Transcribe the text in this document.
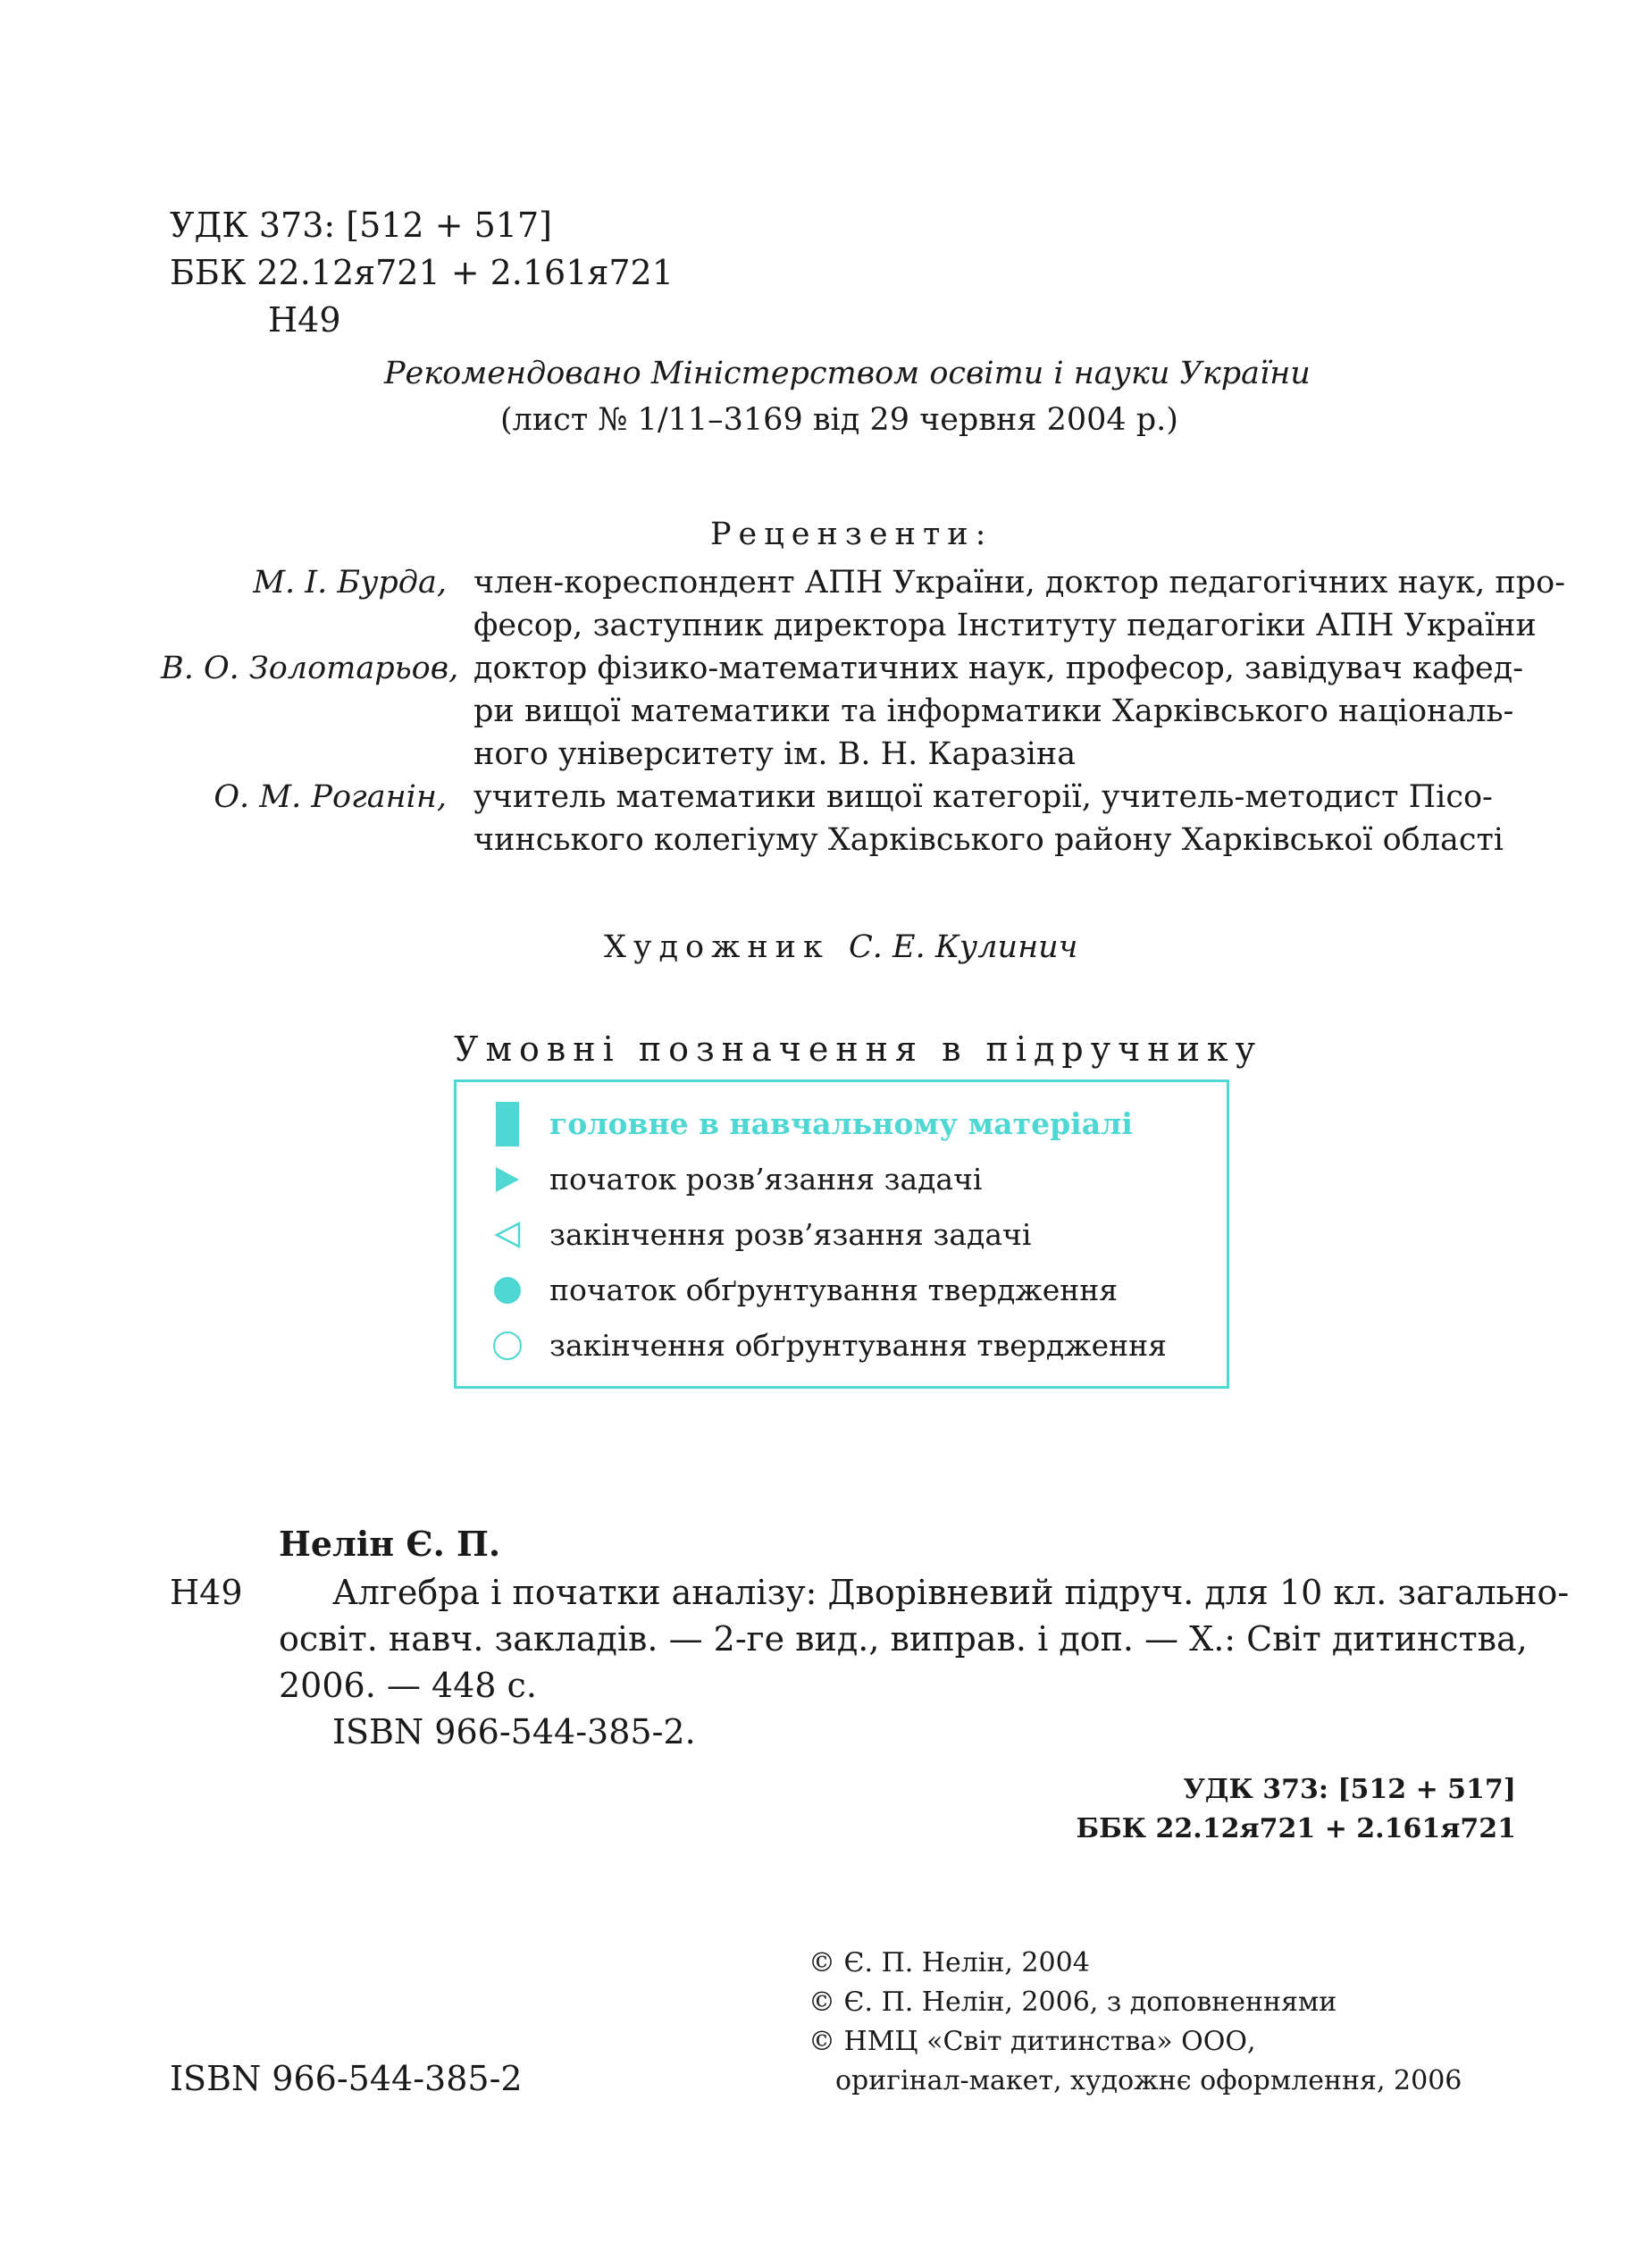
УДК 373: [512 + 517]
ББК 22.12я721 + 2.161я721
Н49
Рекомендовано Міністерством освіти і науки України
(лист № 1/11–3169 від 29 червня 2004 р.)
Рецензенти:
М. І. Бурда, член-кореспондент АПН України, доктор педагогічних наук, про-
фесор, заступник директора Інституту педагогіки АПН України
В. О. Золотарьов, доктор фізико-математичних наук, професор, завідувач кафед-
ри вищої математики та інформатики Харківського національ-
ного університету ім. В. Н. Каразіна
О. М. Роганін, учитель математики вищої категорії, учитель-методист Пісо-
чинського колегіуму Харківського району Харківської області
Художник С. Е. Кулинич
Умовні позначення в підручнику
головне в навчальному матеріалі
початок розв’язання задачі
закінчення розв’язання задачі
початок обґрунтування твердження
закінчення обґрунтування твердження
Нелін Є. П.
Н49	Алгебра і початки аналізу: Дворівневий підруч. для 10 кл. загально-
освіт. навч. закладів. — 2-ге вид., виправ. і доп. — Х.: Світ дитинства,
2006. — 448 с.
ISBN 966-544-385-2.
УДК 373: [512 + 517]
ББК 22.12я721 + 2.161я721
© Є. П. Нелін, 2004
© Є. П. Нелін, 2006, з доповненнями
© НМЦ «Світ дитинства» ООО,
ISBN 966-544-385-2	оригінал-макет, художнє оформлення, 2006
